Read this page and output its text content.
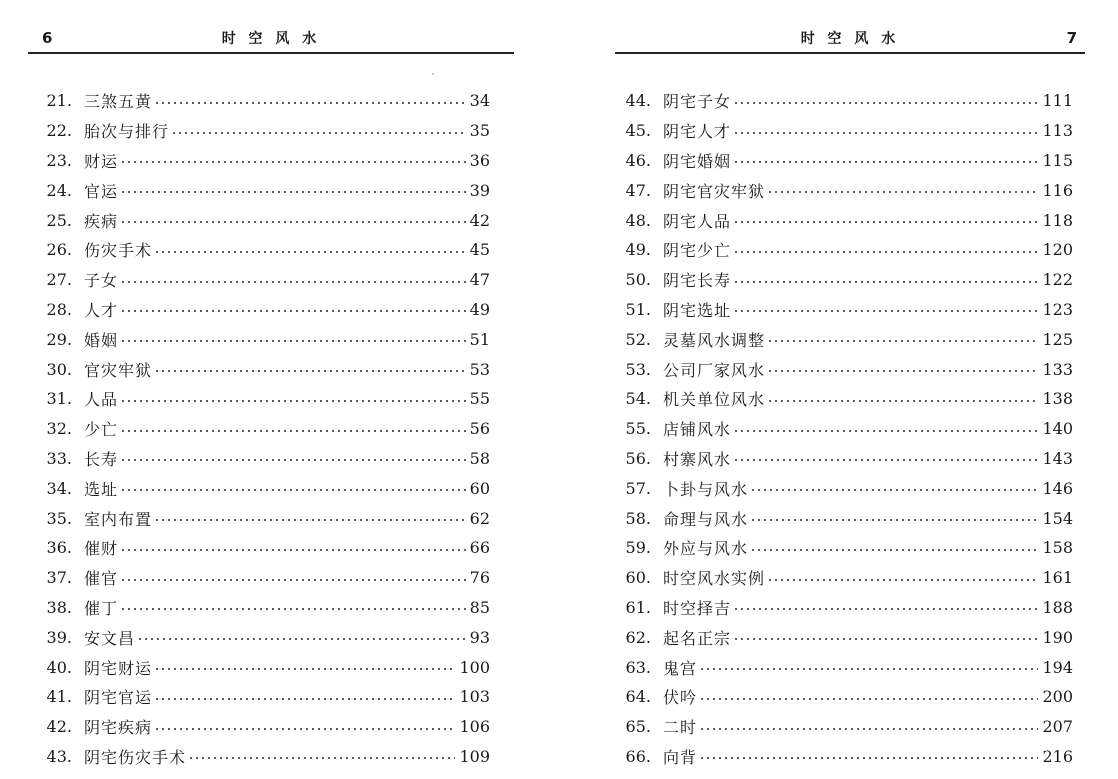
6	时 空 风 水
21. 三煞五黄	34
22. 胎次与排行	35
23. 财运	36
24. 官运	39
25. 疾病	42
26. 伤灾手术	45
27. 子女	47
28. 人才	49
29. 婚姻	51
30. 官灾牢狱	53
31. 人品	55
32. 少亡	56
33. 长寿	58
34. 选址	60
35. 室内布置	62
36. 催财	66
37. 催官	76
38. 催丁	85
39. 安文昌	93
40. 阴宅财运	100
41. 阴宅官运	103
42. 阴宅疾病	106
43. 阴宅伤灾手术	109
时 空 风 水	7
44. 阴宅子女	111
45. 阴宅人才	113
46. 阴宅婚姻	115
47. 阴宅官灾牢狱	116
48. 阴宅人品	118
49. 阴宅少亡	120
50. 阴宅长寿	122
51. 阴宅选址	123
52. 灵墓风水调整	125
53. 公司厂家风水	133
54. 机关单位风水	138
55. 店铺风水	140
56. 村寨风水	143
57. 卜卦与风水	146
58. 命理与风水	154
59. 外应与风水	158
60. 时空风水实例	161
61. 时空择吉	188
62. 起名正宗	190
63. 鬼宫	194
64. 伏吟	200
65. 二时	207
66. 向背	216
